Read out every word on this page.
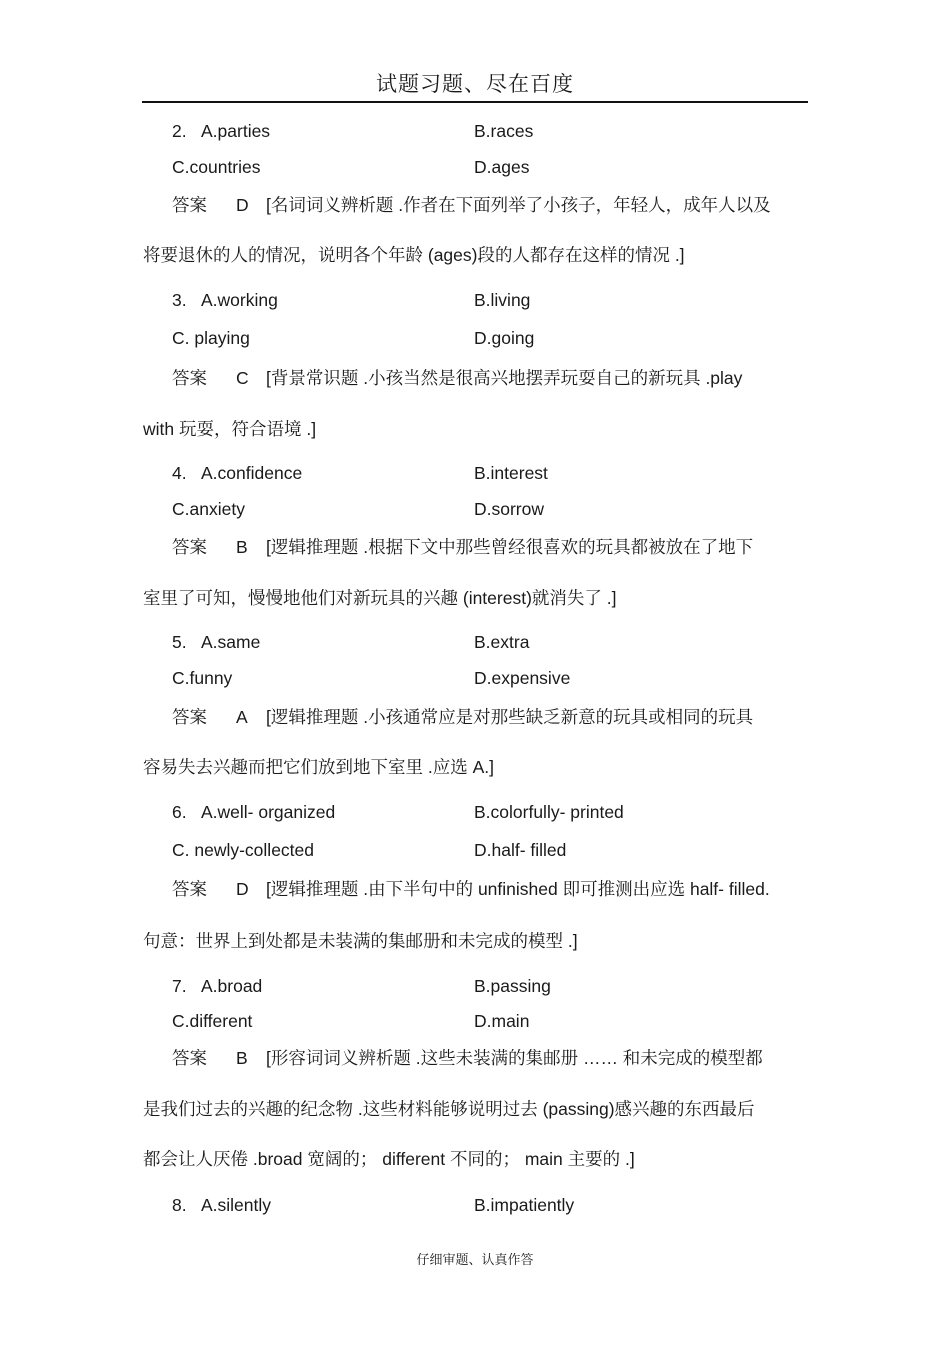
试题习题、尽在百度
2. A.parties	B.races
C.countries	D.ages
答案 D [名词词义辨析题 .作者在下面列举了小孩子，年轻人，成年人以及
将要退休的人的情况，说明各个年龄 (ages)段的人都存在这样的情况 .]
3. A.working	B.living
C. playing	D.going
答案 C [背景常识题 .小孩当然是很高兴地摆弄玩耍自己的新玩具 .play
with 玩耍，符合语境 .]
4. A.confidence	B.interest
C.anxiety	D.sorrow
答案 B [逻辑推理题 .根据下文中那些曾经很喜欢的玩具都被放在了地下
室里了可知，慢慢地他们对新玩具的兴趣 (interest)就消失了 .]
5. A.same	B.extra
C.funny	D.expensive
答案 A [逻辑推理题 .小孩通常应是对那些缺乏新意的玩具或相同的玩具
容易失去兴趣而把它们放到地下室里 .应选 A.]
6. A.well- organized	B.colorfully- printed
C. newly-collected	D.half- filled
答案 D [逻辑推理题 .由下半句中的 unfinished 即可推测出应选 half- filled.
句意：世界上到处都是未装满的集邮册和未完成的模型 .]
7. A.broad	B.passing
C.different	D.main
答案 B [形容词词义辨析题 .这些未装满的集邮册 …… 和未完成的模型都
是我们过去的兴趣的纪念物 .这些材料能够说明过去 (passing)感兴趣的东西最后
都会让人厌倦 .broad 宽阔的； different 不同的； main 主要的 .]
8. A.silently	B.impatiently
仔细审题、认真作答
